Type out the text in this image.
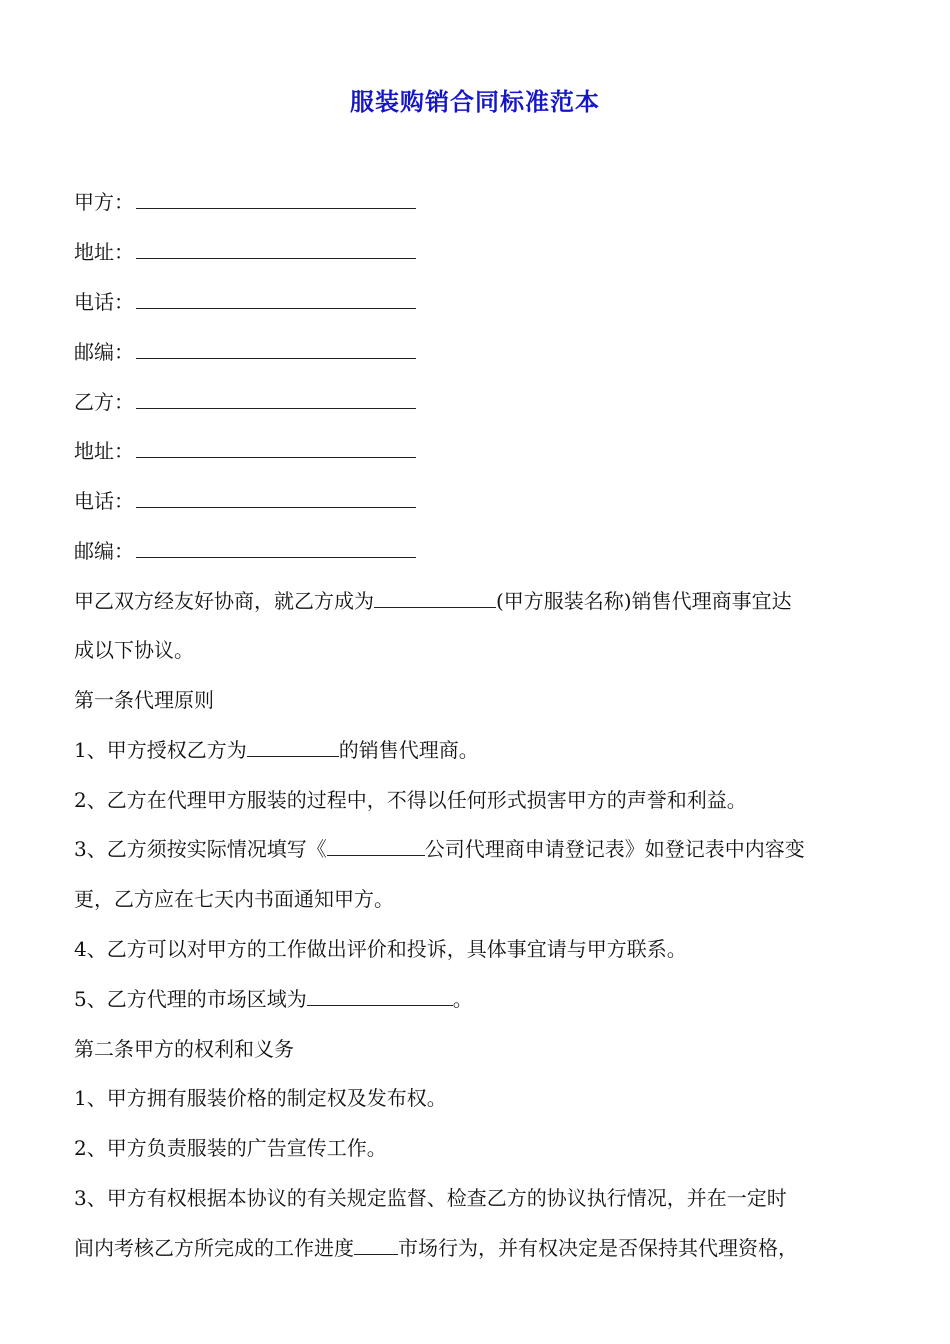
服装购销合同标准范本
甲方：
地址：
电话：
邮编：
乙方：
地址：
电话：
邮编：
甲乙双方经友好协商，就乙方成为	(甲方服装名称)销售代理商事宜达
成以下协议。
第一条代理原则
1、甲方授权乙方为	的销售代理商。
2、乙方在代理甲方服装的过程中，不得以任何形式损害甲方的声誉和利益。
3、乙方须按实际情况填写《	公司代理商申请登记表》如登记表中内容变
更，乙方应在七天内书面通知甲方。
4、乙方可以对甲方的工作做出评价和投诉，具体事宜请与甲方联系。
5、乙方代理的市场区域为	。
第二条甲方的权利和义务
1、甲方拥有服装价格的制定权及发布权。
2、甲方负责服装的广告宣传工作。
3、甲方有权根据本协议的有关规定监督、检查乙方的协议执行情况，并在一定时
间内考核乙方所完成的工作进度 市场行为，并有权决定是否保持其代理资格，
